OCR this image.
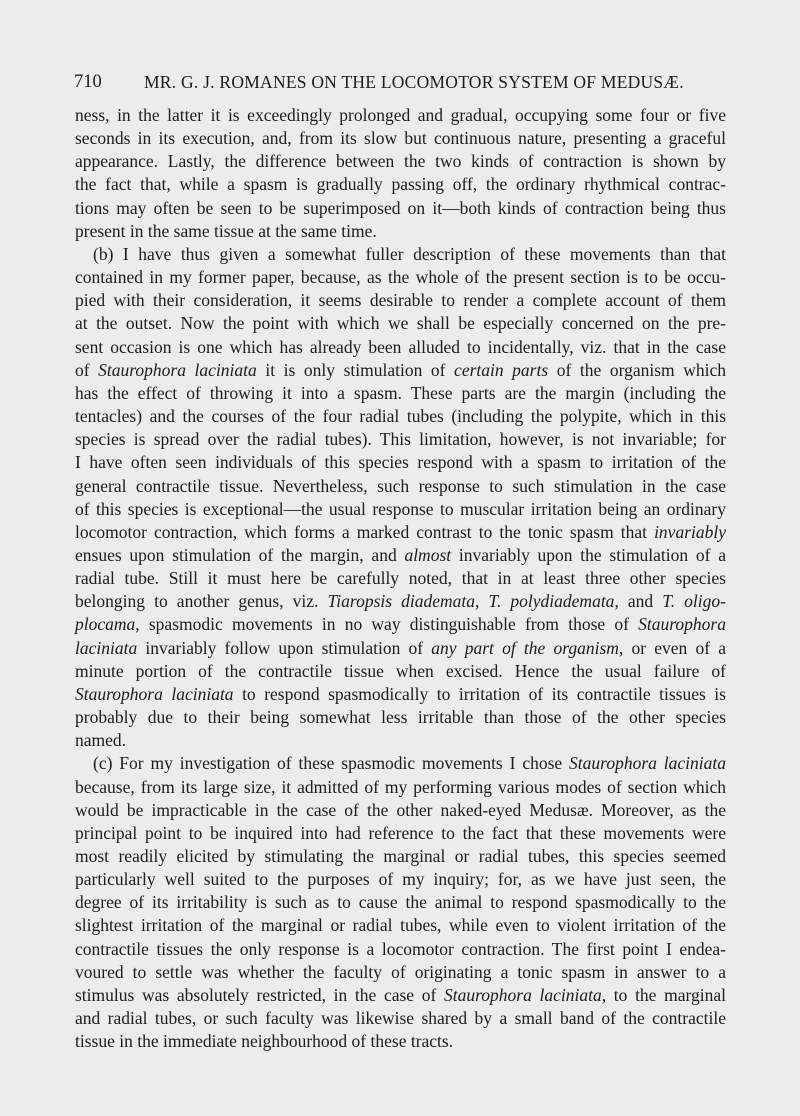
710 MR. G. J. ROMANES ON THE LOCOMOTOR SYSTEM OF MEDUSÆ.
ness, in the latter it is exceedingly prolonged and gradual, occupying some four or five
seconds in its execution, and, from its slow but continuous nature, presenting a graceful
appearance. Lastly, the difference between the two kinds of contraction is shown by
the fact that, while a spasm is gradually passing off, the ordinary rhythmical contrac-
tions may often be seen to be superimposed on it—both kinds of contraction being thus
present in the same tissue at the same time.
(b) I have thus given a somewhat fuller description of these movements than that
contained in my former paper, because, as the whole of the present section is to be occu-
pied with their consideration, it seems desirable to render a complete account of them
at the outset. Now the point with which we shall be especially concerned on the pre-
sent occasion is one which has already been alluded to incidentally, viz. that in the case
of Staurophora laciniata it is only stimulation of certain parts of the organism which
has the effect of throwing it into a spasm. These parts are the margin (including the
tentacles) and the courses of the four radial tubes (including the polypite, which in this
species is spread over the radial tubes). This limitation, however, is not invariable; for
I have often seen individuals of this species respond with a spasm to irritation of the
general contractile tissue. Nevertheless, such response to such stimulation in the case
of this species is exceptional—the usual response to muscular irritation being an ordinary
locomotor contraction, which forms a marked contrast to the tonic spasm that invariably
ensues upon stimulation of the margin, and almost invariably upon the stimulation of a
radial tube. Still it must here be carefully noted, that in at least three other species
belonging to another genus, viz. Tiaropsis diademata, T. polydiademata, and T. oligo-
plocama, spasmodic movements in no way distinguishable from those of Staurophora
laciniata invariably follow upon stimulation of any part of the organism, or even of a
minute portion of the contractile tissue when excised. Hence the usual failure of
Staurophora laciniata to respond spasmodically to irritation of its contractile tissues is
probably due to their being somewhat less irritable than those of the other species
named.
(c) For my investigation of these spasmodic movements I chose Staurophora laciniata
because, from its large size, it admitted of my performing various modes of section which
would be impracticable in the case of the other naked-eyed Medusæ. Moreover, as the
principal point to be inquired into had reference to the fact that these movements were
most readily elicited by stimulating the marginal or radial tubes, this species seemed
particularly well suited to the purposes of my inquiry; for, as we have just seen, the
degree of its irritability is such as to cause the animal to respond spasmodically to the
slightest irritation of the marginal or radial tubes, while even to violent irritation of the
contractile tissues the only response is a locomotor contraction. The first point I endea-
voured to settle was whether the faculty of originating a tonic spasm in answer to a
stimulus was absolutely restricted, in the case of Staurophora laciniata, to the marginal
and radial tubes, or such faculty was likewise shared by a small band of the contractile
tissue in the immediate neighbourhood of these tracts.
